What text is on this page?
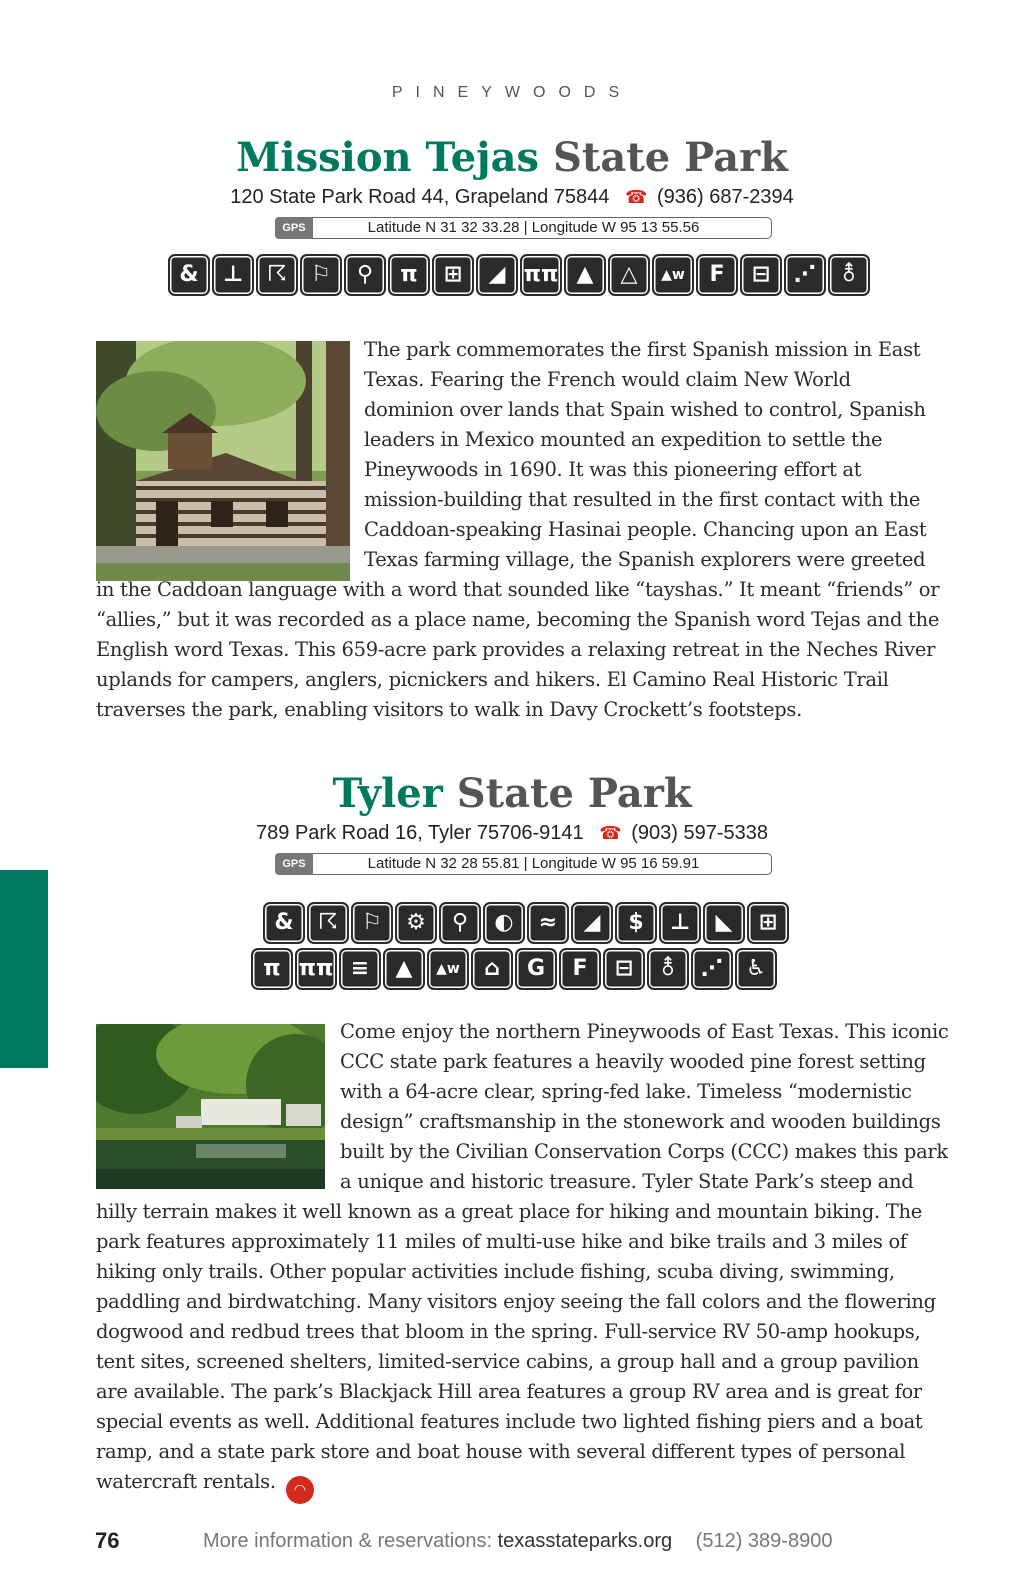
PINEYWOODS
Mission Tejas State Park
120 State Park Road 44, Grapeland 75844 ☎ (936) 687-2394
GPS	Latitude N 31 32 33.28 | Longitude W 95 13 55.56
&	⊥	☈	⚐	⚲	π	⊞	◢ ππ ▲	△	▲w	F	⊟	⋰	⚨
The park commemorates the first Spanish mission in East Texas. Fearing the French would claim New World dominion over lands that Spain wished to control, Spanish leaders in Mexico mounted an expedition to settle the Pineywoods in 1690. It was this pioneering effort at mission-building that resulted in the first contact with the Caddoan-speaking Hasinai people. Chancing upon an East Texas farming village, the Spanish explorers were greeted in the Caddoan language with a word that sounded like “tayshas.” It meant “friends” or “allies,” but it was recorded as a place name, becoming the Spanish word Tejas and the English word Texas. This 659-acre park provides a relaxing retreat in the Neches River uplands for campers, anglers, picnickers and hikers. El Camino Real Historic Trail traverses the park, enabling visitors to walk in Davy Crockett’s footsteps.
Tyler State Park
789 Park Road 16, Tyler 75706-9141 ☎ (903) 597-5338
GPS	Latitude N 32 28 55.81 | Longitude W 95 16 59.91
&	☈	⚐	⚙	⚲	◐	≈	◢	$	⊥	◣	⊞
π ππ ≡	▲	▲w	⌂	G	F	⊟	⚨	⋰	♿
Come enjoy the northern Pineywoods of East Texas. This iconic CCC state park features a heavily wooded pine forest setting with a 64-acre clear, spring-fed lake. Timeless “modernistic design” craftsmanship in the stonework and wooden buildings built by the Civilian Conservation Corps (CCC) makes this park a unique and historic treasure. Tyler State Park’s steep and hilly terrain makes it well known as a great place for hiking and mountain biking. The park features approximately 11 miles of multi-use hike and bike trails and 3 miles of hiking only trails. Other popular activities include fishing, scuba diving, swimming, paddling and birdwatching. Many visitors enjoy seeing the fall colors and the flowering dogwood and redbud trees that bloom in the spring. Full-service RV 50-amp hookups, tent sites, screened shelters, limited-service cabins, a group hall and a group pavilion are available. The park’s Blackjack Hill area features a group RV area and is great for special events as well. Additional features include two lighted fishing piers and a boat ramp, and a state park store and boat house with several different types of personal watercraft rentals. ◠
76	More information & reservations: texasstateparks.org (512) 389-8900
